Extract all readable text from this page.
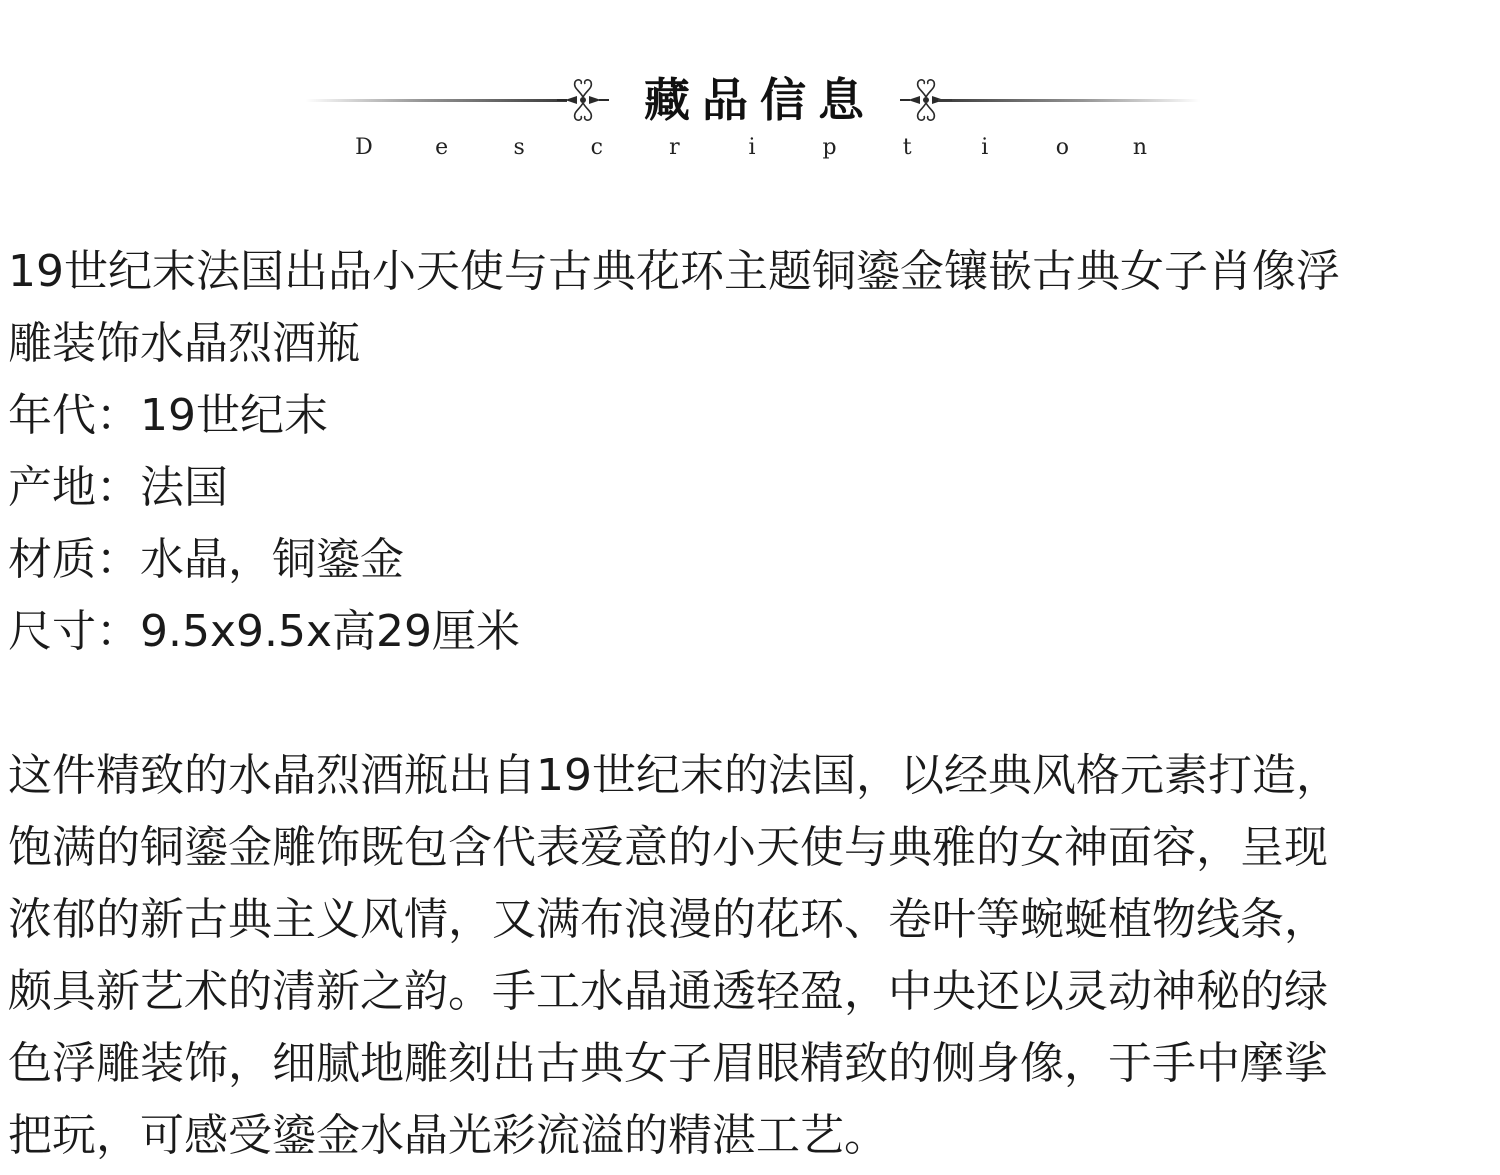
藏品信息
D	e	s	c	r	i	p	t	i	o	n
19世纪末法国出品小天使与古典花环主题铜鎏金镶嵌古典女子肖像浮
雕装饰水晶烈酒瓶
年代：19世纪末
产地：法国
材质：水晶，铜鎏金
尺寸：9.5x9.5x高29厘米
这件精致的水晶烈酒瓶出自19世纪末的法国，以经典风格元素打造，
饱满的铜鎏金雕饰既包含代表爱意的小天使与典雅的女神面容，呈现
浓郁的新古典主义风情，又满布浪漫的花环、卷叶等蜿蜒植物线条，
颇具新艺术的清新之韵。手工水晶通透轻盈，中央还以灵动神秘的绿
色浮雕装饰，细腻地雕刻出古典女子眉眼精致的侧身像，于手中摩挲
把玩，可感受鎏金水晶光彩流溢的精湛工艺。
